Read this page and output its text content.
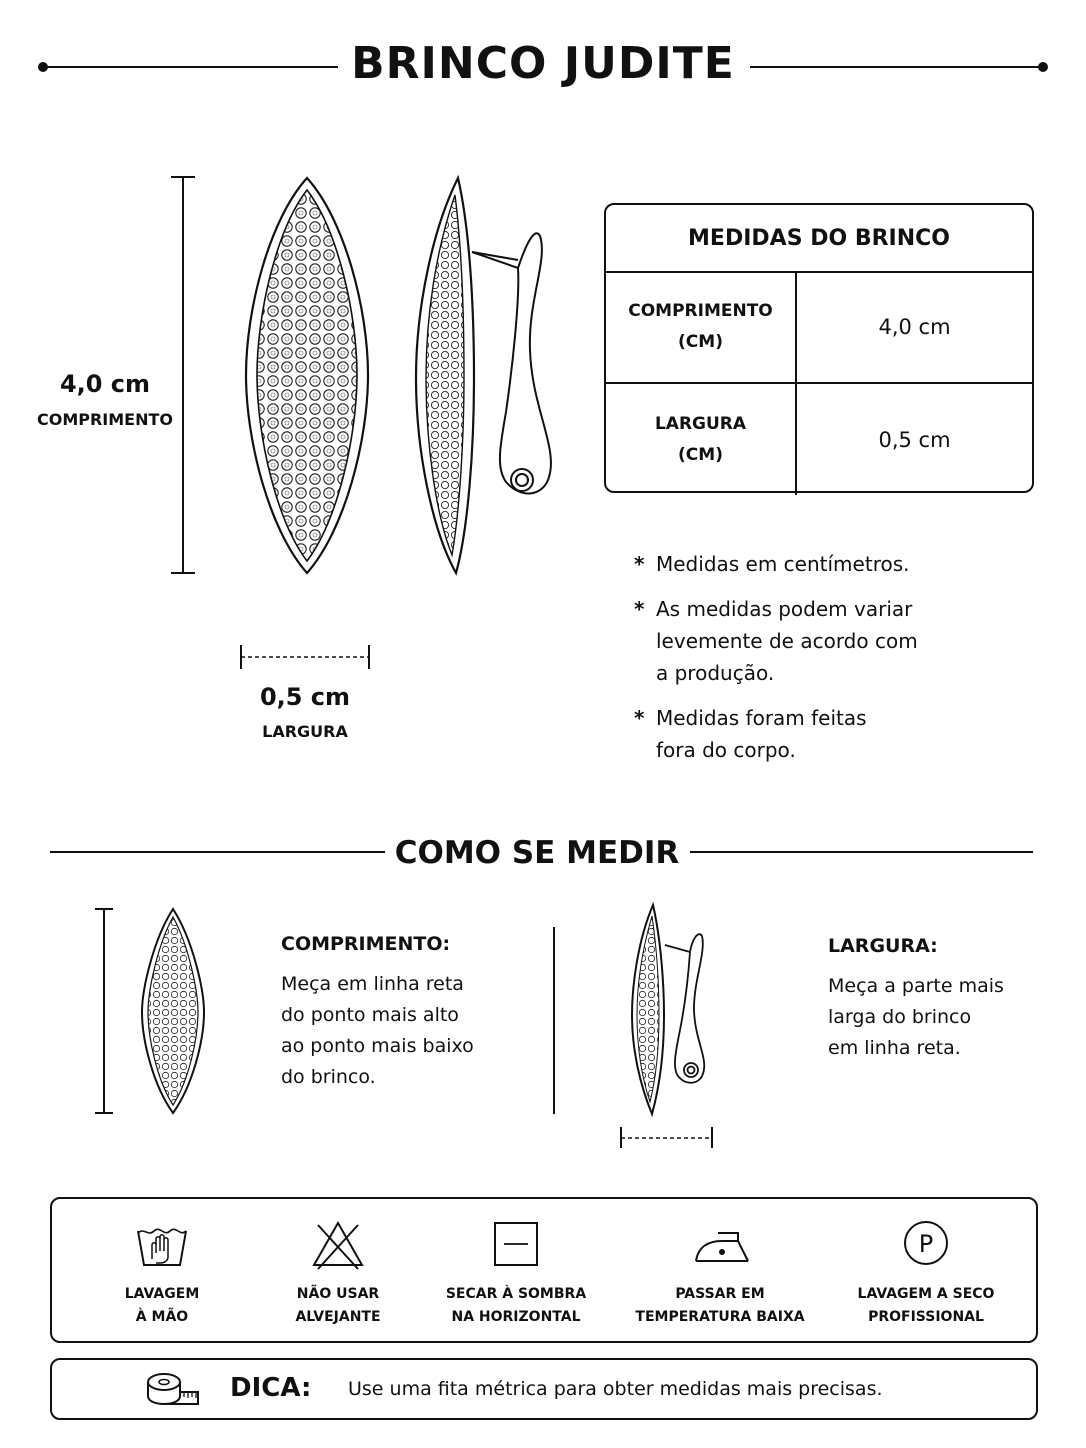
BRINCO JUDITE
4,0 cm
COMPRIMENTO
0,5 cm
LARGURA
MEDIDAS DO BRINCO
COMPRIMENTO
(CM)
4,0 cm
LARGURA
(CM)
0,5 cm
* Medidas em centímetros.
* As medidas podem variar
levemente de acordo com
a produção.
* Medidas foram feitas
fora do corpo.
COMO SE MEDIR
COMPRIMENTO:
Meça em linha reta
do ponto mais alto
ao ponto mais baixo
do brinco.
LARGURA:
Meça a parte mais
larga do brinco
em linha reta.
LAVAGEM
À MÃO
NÃO USAR
ALVEJANTE
SECAR À SOMBRA
NA HORIZONTAL
PASSAR EM
TEMPERATURA BAIXA
P
LAVAGEM A SECO
PROFISSIONAL
DICA: Use uma fita métrica para obter medidas mais precisas.
